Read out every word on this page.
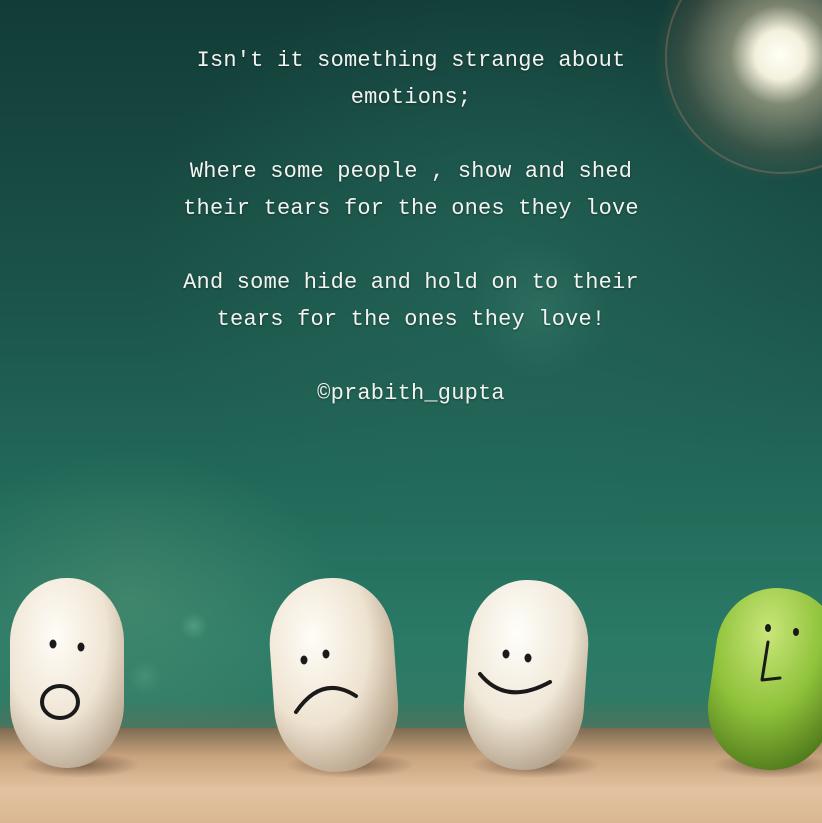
Isn't it something strange about
emotions;

Where some people , show and shed
their tears for the ones they love

And some hide and hold on to their
tears for the ones they love!

©prabith_gupta
